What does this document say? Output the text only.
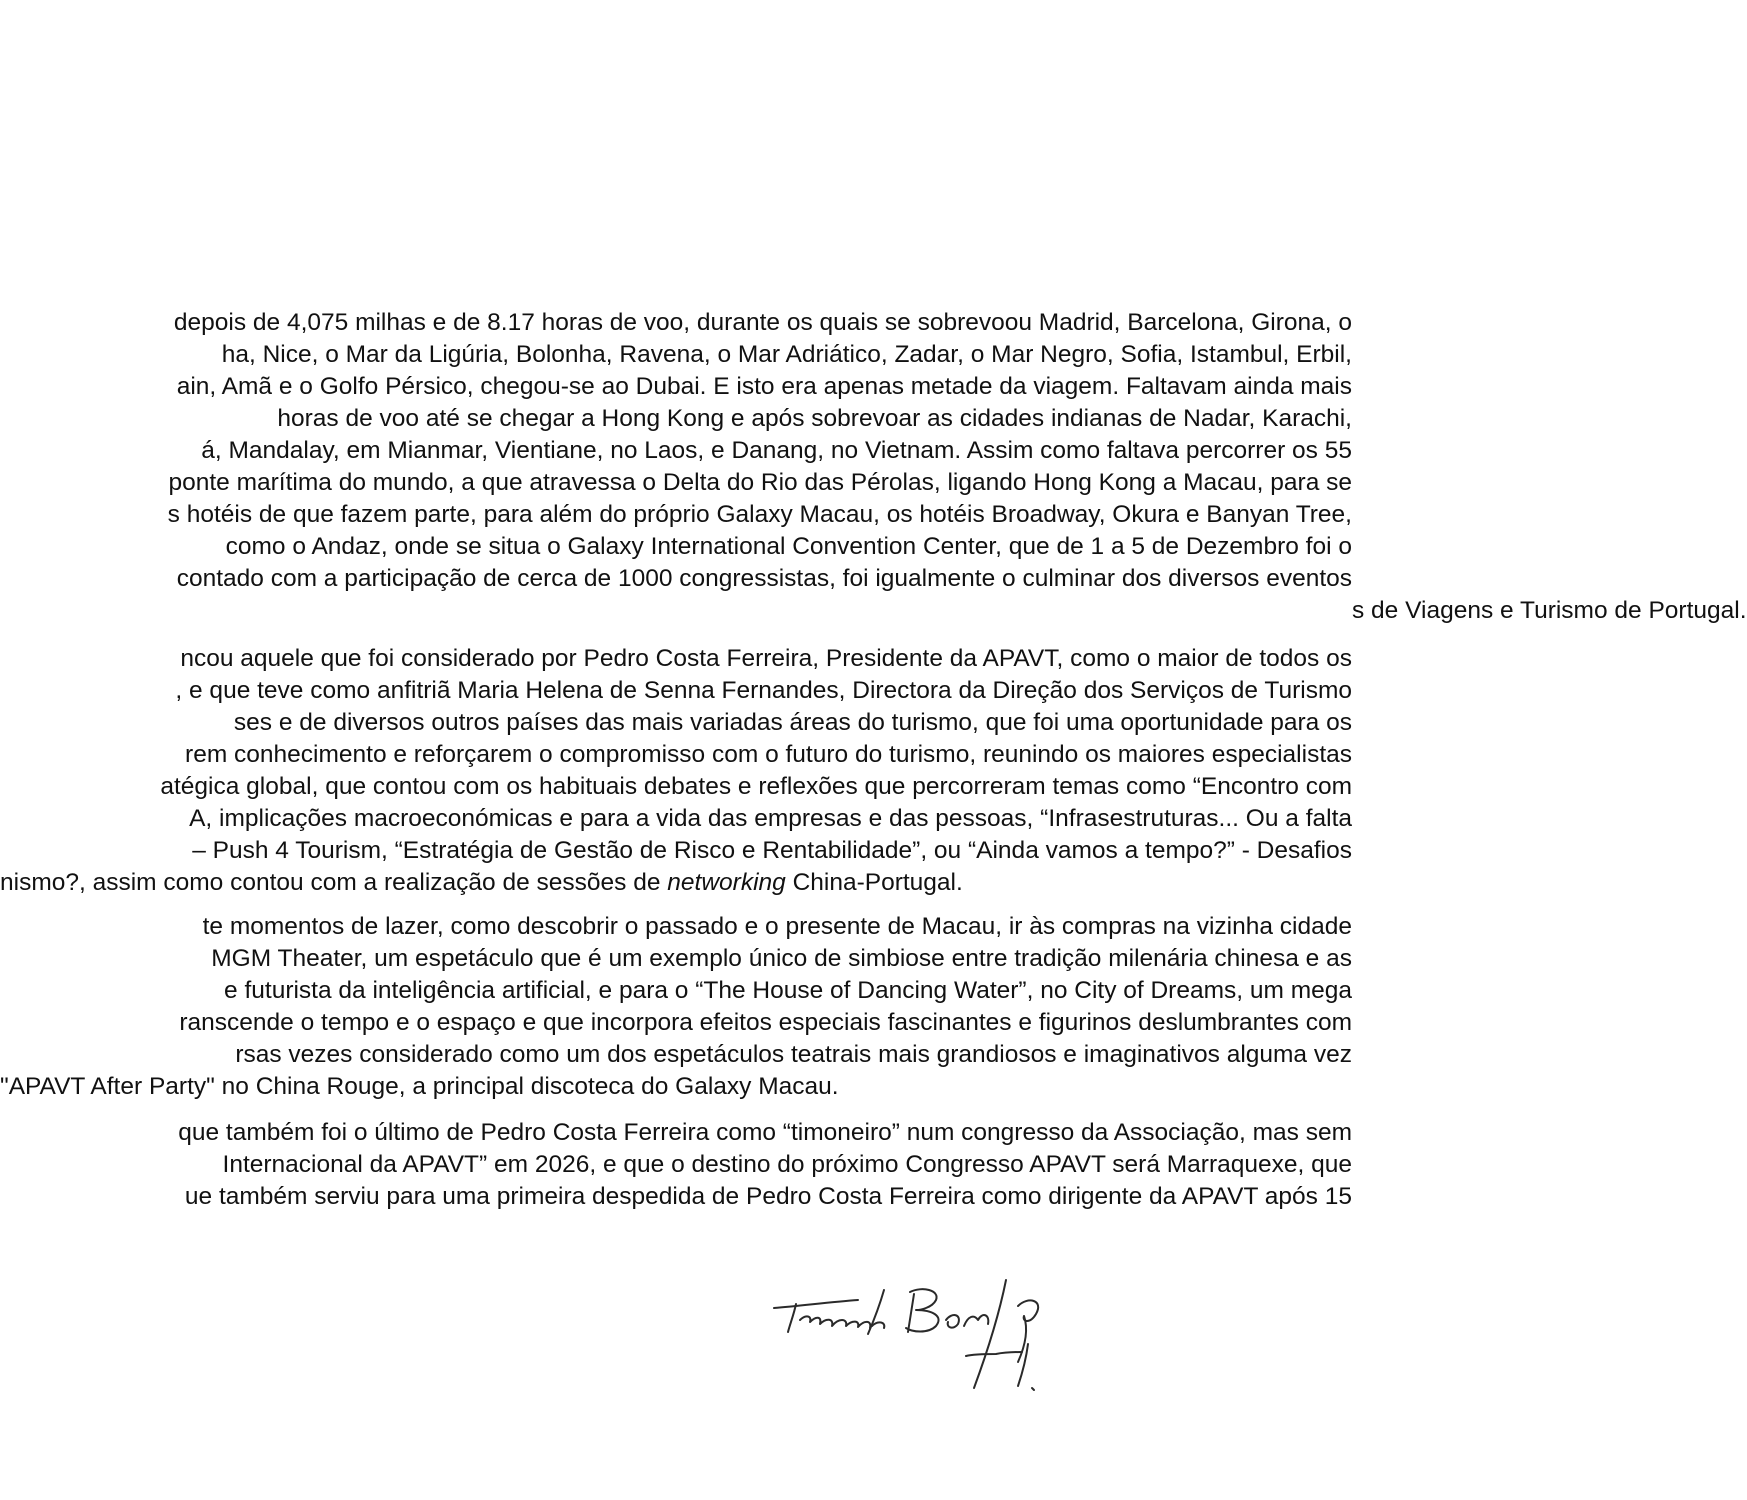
depois de 4,075 milhas e de 8.17 horas de voo, durante os quais se sobrevoou Madrid, Barcelona, Girona, o
ha, Nice, o Mar da Ligúria, Bolonha, Ravena, o Mar Adriático, Zadar, o Mar Negro, Sofia, Istambul, Erbil,
ain, Amã e o Golfo Pérsico, chegou-se ao Dubai. E isto era apenas metade da viagem. Faltavam ainda mais
horas de voo até se chegar a Hong Kong e após sobrevoar as cidades indianas de Nadar, Karachi,
á, Mandalay, em Mianmar, Vientiane, no Laos, e Danang, no Vietnam. Assim como faltava percorrer os 55
ponte marítima do mundo, a que atravessa o Delta do Rio das Pérolas, ligando Hong Kong a Macau, para se
s hotéis de que fazem parte, para além do próprio Galaxy Macau, os hotéis Broadway, Okura e Banyan Tree,
como o Andaz, onde se situa o Galaxy International Convention Center, que de 1 a 5 de Dezembro foi o
contado com a participação de cerca de 1000 congressistas, foi igualmente o culminar dos diversos eventos
s de Viagens e Turismo de Portugal.
ncou aquele que foi considerado por Pedro Costa Ferreira, Presidente da APAVT, como o maior de todos os
, e que teve como anfitriã Maria Helena de Senna Fernandes, Directora da Direção dos Serviços de Turismo
ses e de diversos outros países das mais variadas áreas do turismo, que foi uma oportunidade para os
rem conhecimento e reforçarem o compromisso com o futuro do turismo, reunindo os maiores especialistas
atégica global, que contou com os habituais debates e reflexões que percorreram temas como “Encontro com
A, implicações macroeconómicas e para a vida das empresas e das pessoas, “Infrasestruturas... Ou a falta
– Push 4 Tourism, “Estratégia de Gestão de Risco e Rentabilidade”, ou “Ainda vamos a tempo?” - Desafios
nismo?, assim como contou com a realização de sessões de networking China-Portugal.
te momentos de lazer, como descobrir o passado e o presente de Macau, ir às compras na vizinha cidade
MGM Theater, um espetáculo que é um exemplo único de simbiose entre tradição milenária chinesa e as
e futurista da inteligência artificial, e para o “The House of Dancing Water”, no City of Dreams, um mega
ranscende o tempo e o espaço e que incorpora efeitos especiais fascinantes e figurinos deslumbrantes com
rsas vezes considerado como um dos espetáculos teatrais mais grandiosos e imaginativos alguma vez
"APAVT After Party" no China Rouge, a principal discoteca do Galaxy Macau.
que também foi o último de Pedro Costa Ferreira como “timoneiro” num congresso da Associação, mas sem
Internacional da APAVT” em 2026, e que o destino do próximo Congresso APAVT será Marraquexe, que
ue também serviu para uma primeira despedida de Pedro Costa Ferreira como dirigente da APAVT após 15
